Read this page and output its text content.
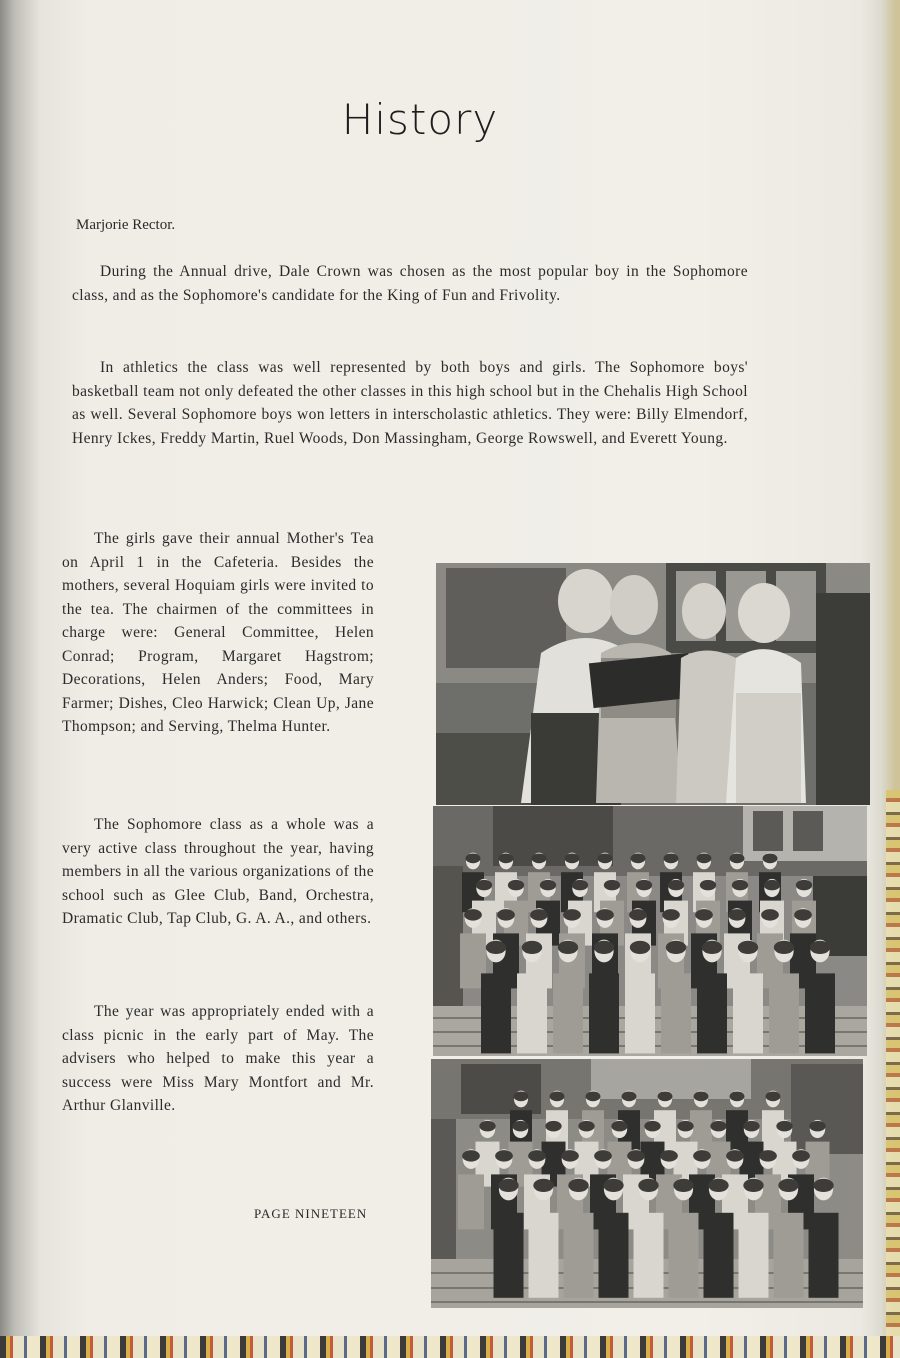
History
Marjorie Rector.

During the Annual drive, Dale Crown was chosen as the most popular boy in the Sophomore class, and as the Sophomore's candidate for the King of Fun and Frivolity.

In athletics the class was well represented by both boys and girls. The Sophomore boys' basketball team not only defeated the other classes in this high school but in the Chehalis High School as well. Several Sophomore boys won letters in interscholastic athletics. They were: Billy Elmendorf, Henry Ickes, Freddy Martin, Ruel Woods, Don Massingham, George Rowswell, and Everett Young.

The girls gave their annual Mother's Tea on April 1 in the Cafeteria. Besides the mothers, several Hoquiam girls were invited to the tea. The chairmen of the committees in charge were: General Committee, Helen Conrad; Program, Margaret Hagstrom; Decorations, Helen Anders; Food, Mary Farmer; Dishes, Cleo Harwick; Clean Up, Jane Thompson; and Serving, Thelma Hunter.

The Sophomore class as a whole was a very active class throughout the year, having members in all the various organizations of the school such as Glee Club, Band, Orchestra, Dramatic Club, Tap Club, G. A. A., and others.

The year was appropriately ended with a class picnic in the early part of May. The advisers who helped to make this year a success were Miss Mary Montfort and Mr. Arthur Glanville.

PAGE NINETEEN
